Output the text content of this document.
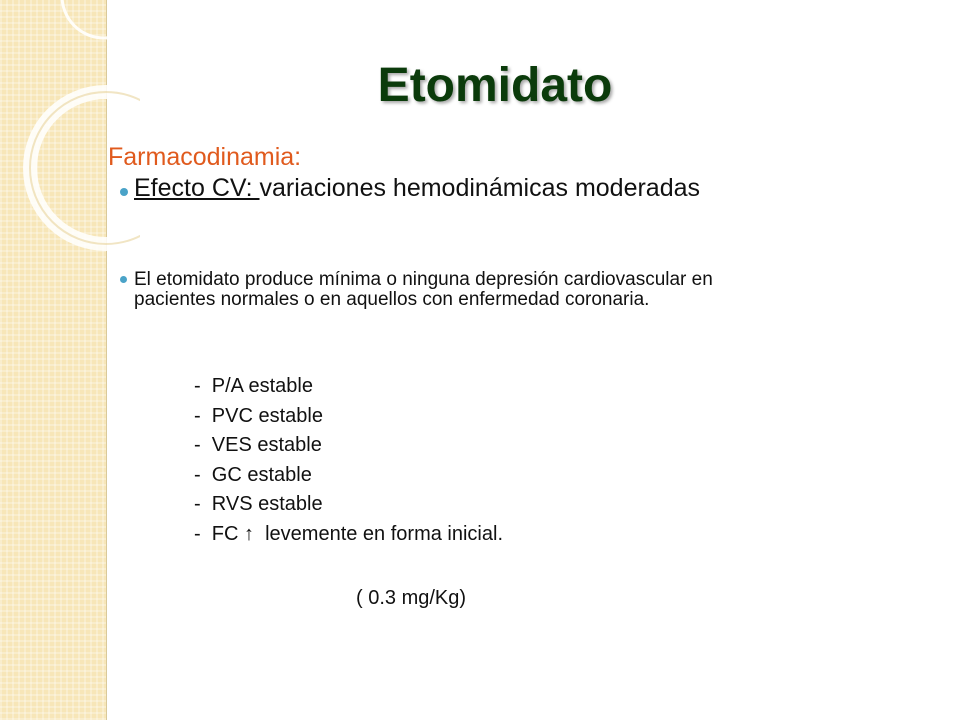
Etomidato
Farmacodinamia:
Efecto CV: variaciones hemodinámicas moderadas
El etomidato produce mínima o ninguna depresión cardiovascular en pacientes normales o en aquellos con enfermedad coronaria.
-  P/A estable
-  PVC estable
-  VES estable
-  GC estable
-  RVS estable
-  FC ↑  levemente en forma inicial.
( 0.3 mg/Kg)
